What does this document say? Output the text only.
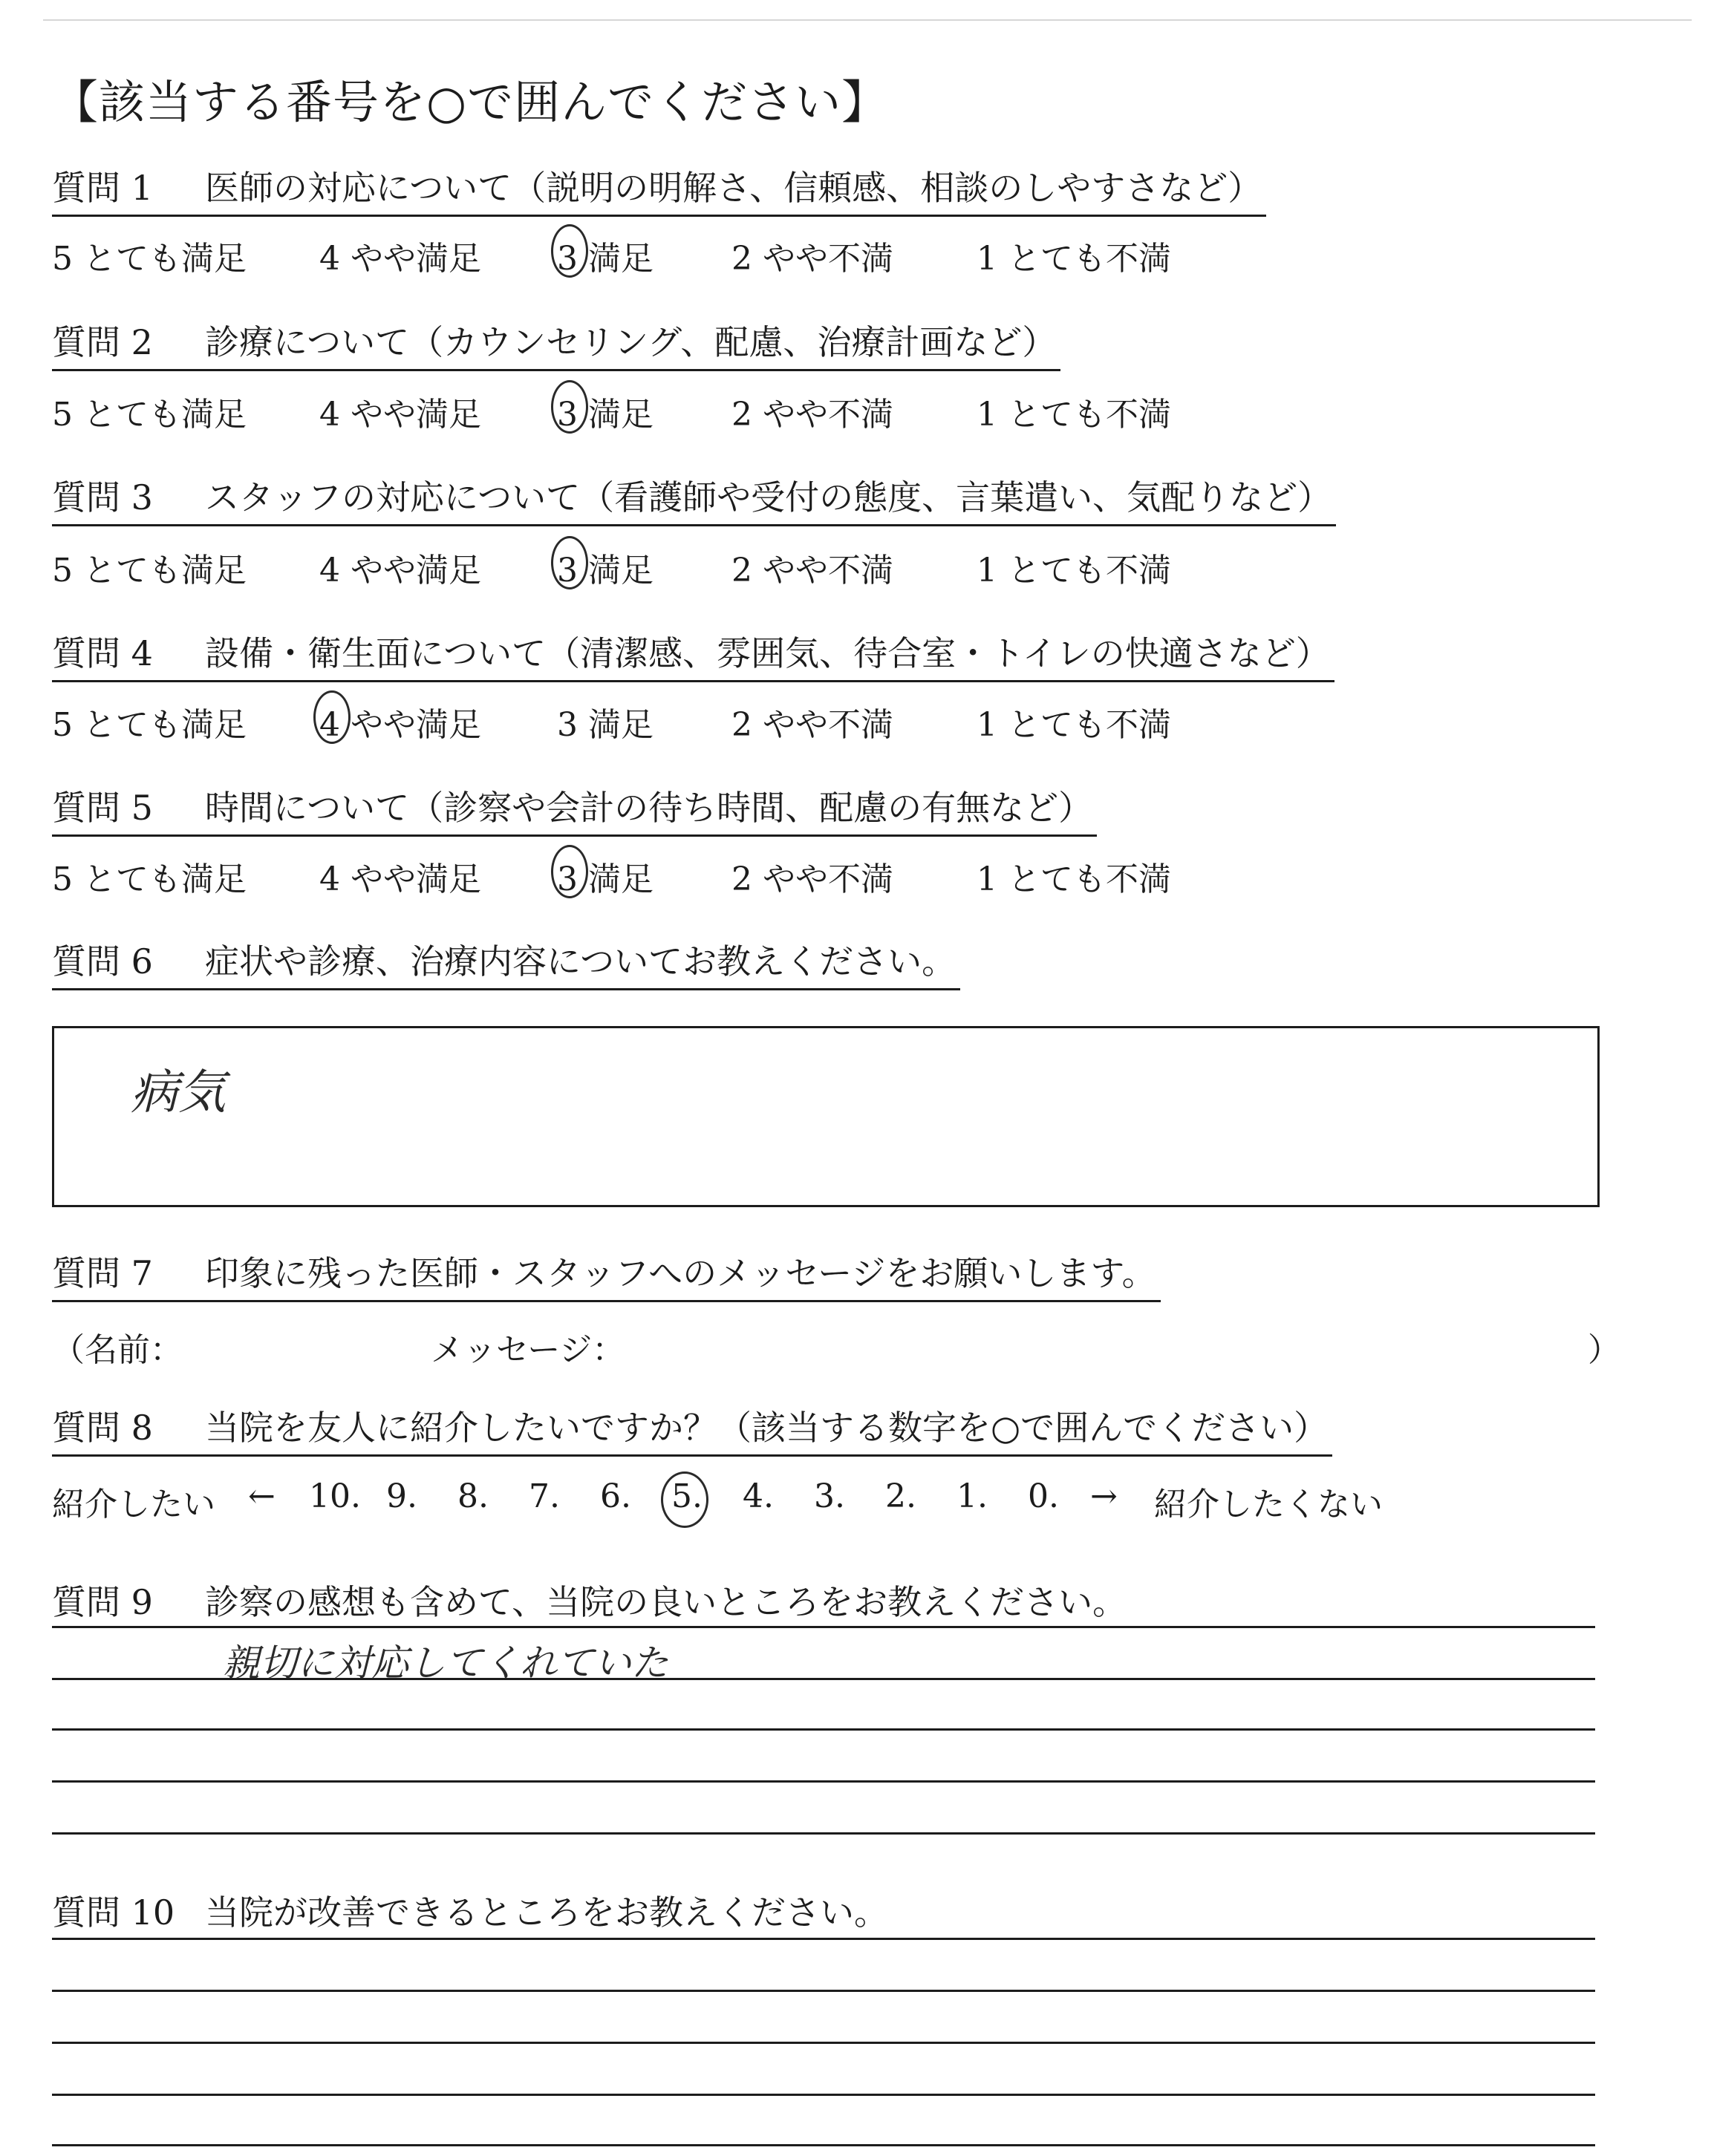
【該当する番号を○で囲んでください】
質問 1 医師の対応について（説明の明解さ、信頼感、相談のしやすさなど）
5 とても満足 4 やや満足 3 満足 2 やや不満	1 とても不満
質問 2 診療について（カウンセリング、配慮、治療計画など）
5 とても満足 4 やや満足 3 満足 2 やや不満	1 とても不満
質問 3 スタッフの対応について（看護師や受付の態度、言葉遣い、気配りなど）
5 とても満足 4 やや満足 3 満足 2 やや不満	1 とても不満
質問 4 設備・衛生面について（清潔感、雰囲気、待合室・トイレの快適さなど）
5 とても満足 4 やや満足 3 満足 2 やや不満	1 とても不満
質問 5 時間について（診察や会計の待ち時間、配慮の有無など）
5 とても満足 4 やや満足 3 満足 2 やや不満	1 とても不満
質問 6 症状や診療、治療内容についてお教えください。
病気
質問 7 印象に残った医師・スタッフへのメッセージをお願いします。
（名前：	メッセージ：	）
質問 8 当院を友人に紹介したいですか？（該当する数字を○で囲んでください）
紹介したい ←	→ 紹介したくない
10. 9. 8. 7. 6. 5. 4. 3. 2. 1. 0.
質問 9 診察の感想も含めて、当院の良いところをお教えください。
親切に対応してくれていた
質問 10 当院が改善できるところをお教えください。
